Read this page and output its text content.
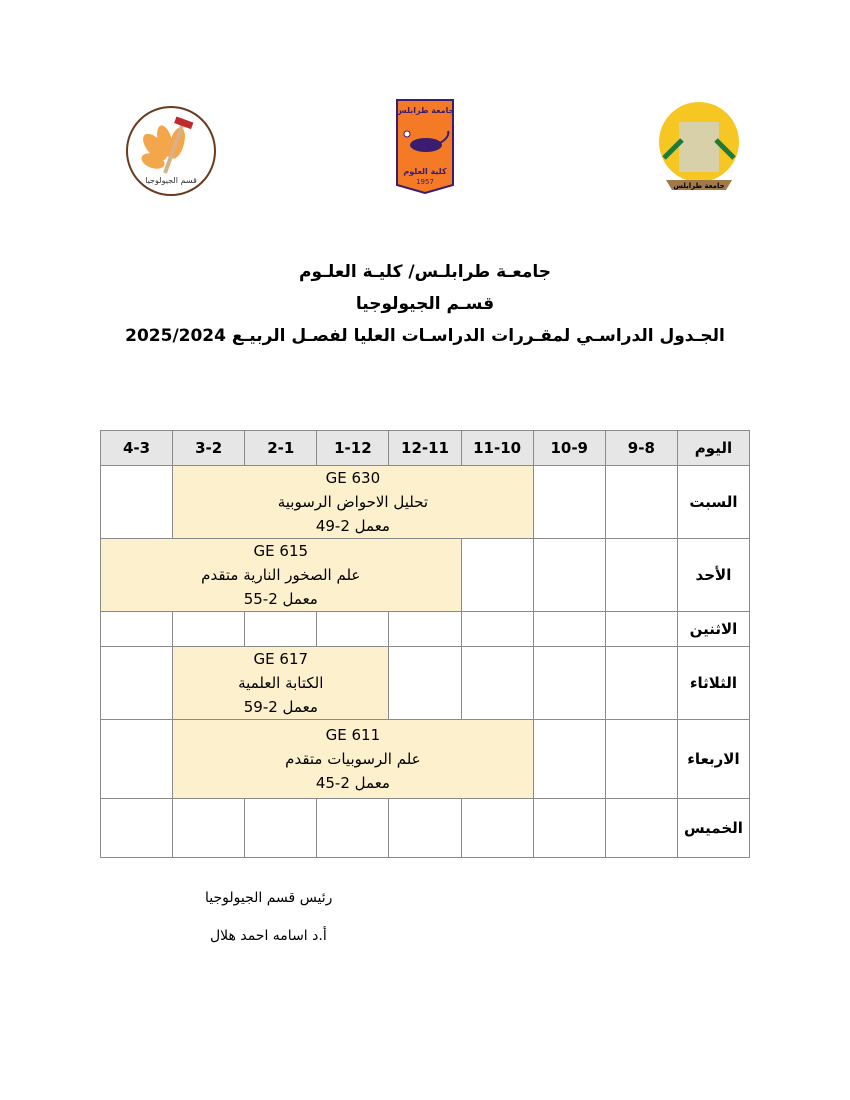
قسم الجيولوجيا
جامعة طرابلس
كلية العلوم
1957	جامعة طرابلس
جامعـة طرابلـس/ كليـة العلـوم
قسـم الجيولوجيا
الجـدول الدراسـي لمقـررات الدراسـات العليا لفصـل الربيـع 2025/2024
اليوم	9-8	10-9	11-10	12-11	1-12	2-1	3-2	4-3
السبت			GE 630
تحليل الاحواض الرسوبية
معمل 2-49					

الأحد				GE 615
علم الصخور النارية متقدم
معمل 2-55				

الاثنين								
الثلاثاء					GE 617
الكتابة العلمية
معمل 2-59			

الاربعاء			GE 611
علم الرسوبيات متقدم
معمل 2-45					

الخميس								
رئيس قسم الجيولوجيا
أ.د اسامه احمد هلال
